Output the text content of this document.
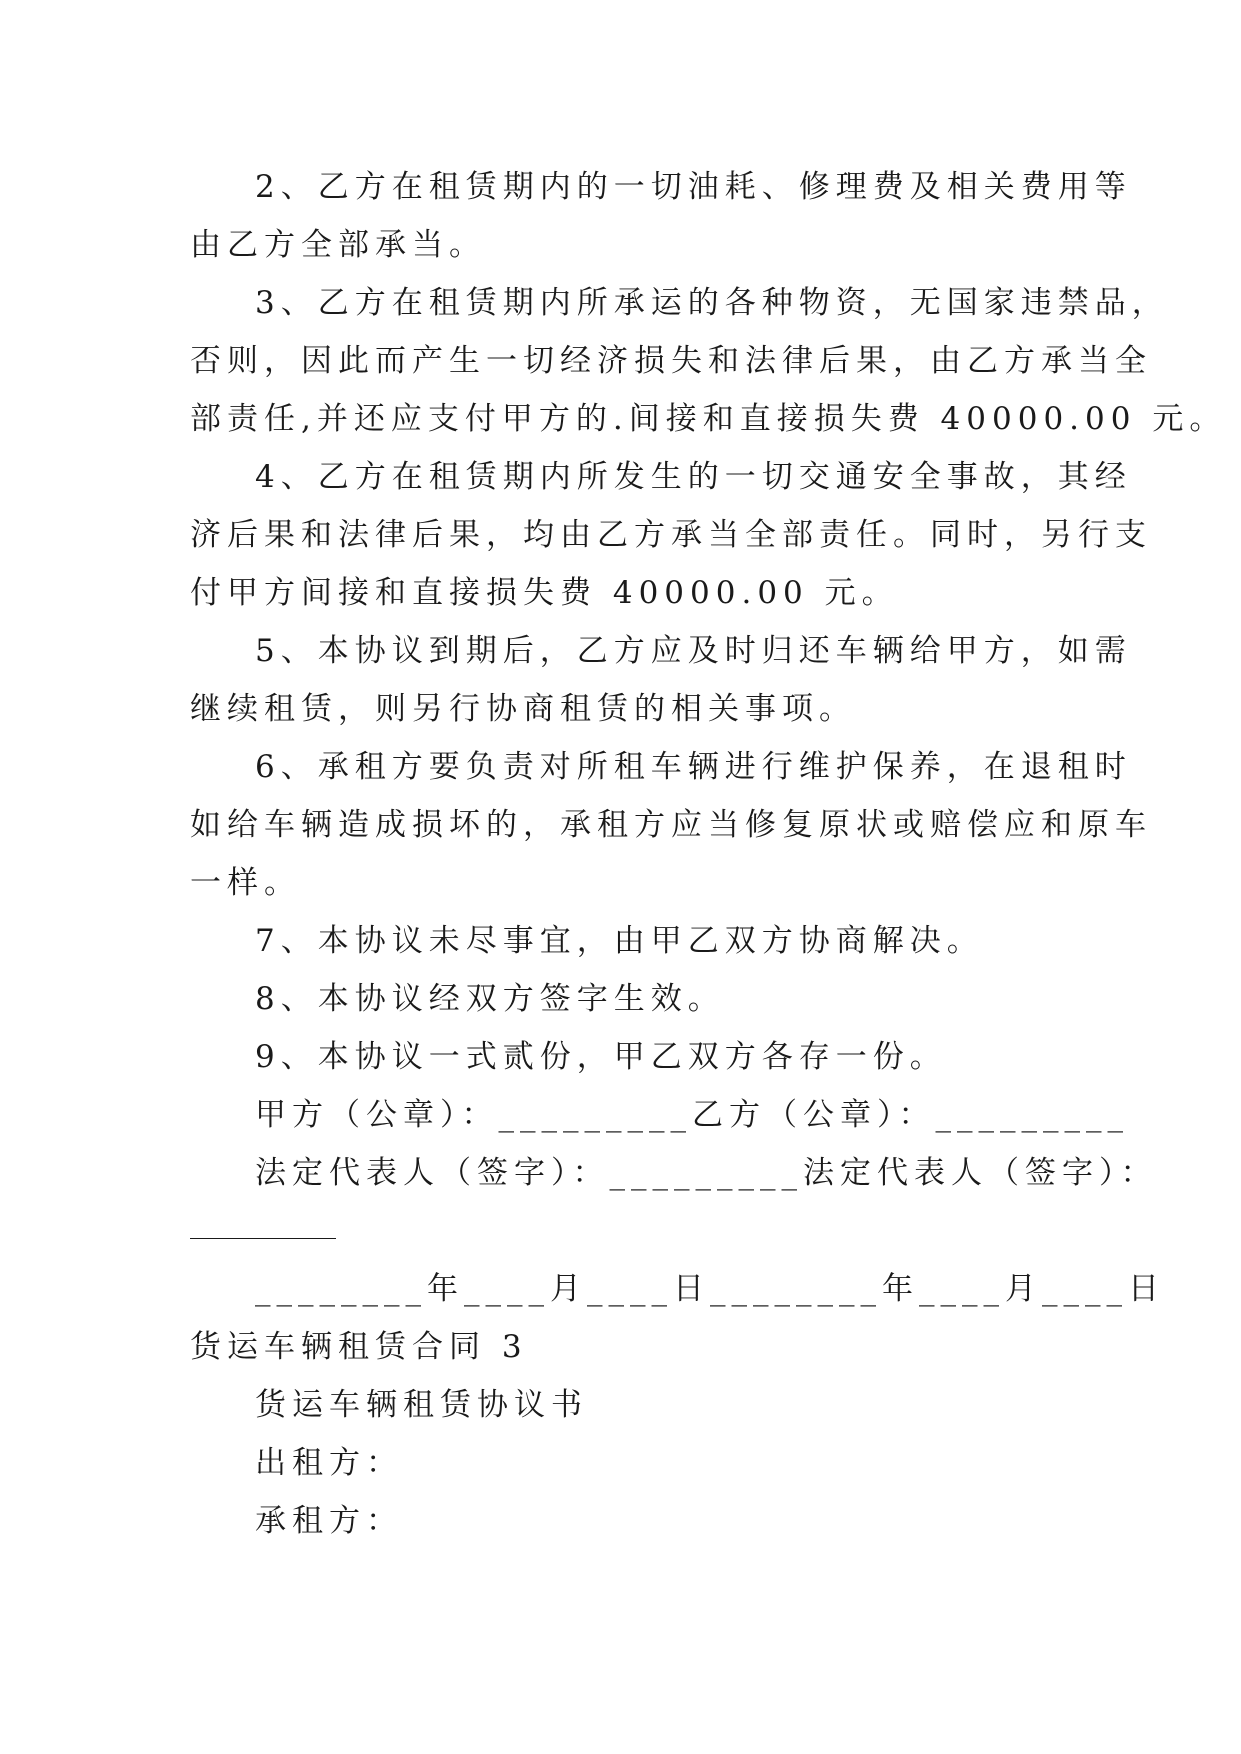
2、乙方在租赁期内的一切油耗、修理费及相关费用等
由乙方全部承当。
3、乙方在租赁期内所承运的各种物资，无国家违禁品，
否则，因此而产生一切经济损失和法律后果，由乙方承当全
部责任,并还应支付甲方的.间接和直接损失费 40000.00 元。
4、乙方在租赁期内所发生的一切交通安全事故，其经
济后果和法律后果，均由乙方承当全部责任。同时，另行支
付甲方间接和直接损失费 40000.00 元。
5、本协议到期后，乙方应及时归还车辆给甲方，如需
继续租赁，则另行协商租赁的相关事项。
6、承租方要负责对所租车辆进行维护保养，在退租时
如给车辆造成损坏的，承租方应当修复原状或赔偿应和原车
一样。
7、本协议未尽事宜，由甲乙双方协商解决。
8、本协议经双方签字生效。
9、本协议一式贰份，甲乙双方各存一份。
甲方（公章）：_________乙方（公章）：_________
法定代表人（签字）：_________法定代表人（签字）：
________年____月____日________年____月____日
货运车辆租赁合同 3
货运车辆租赁协议书
出租方：
承租方：
